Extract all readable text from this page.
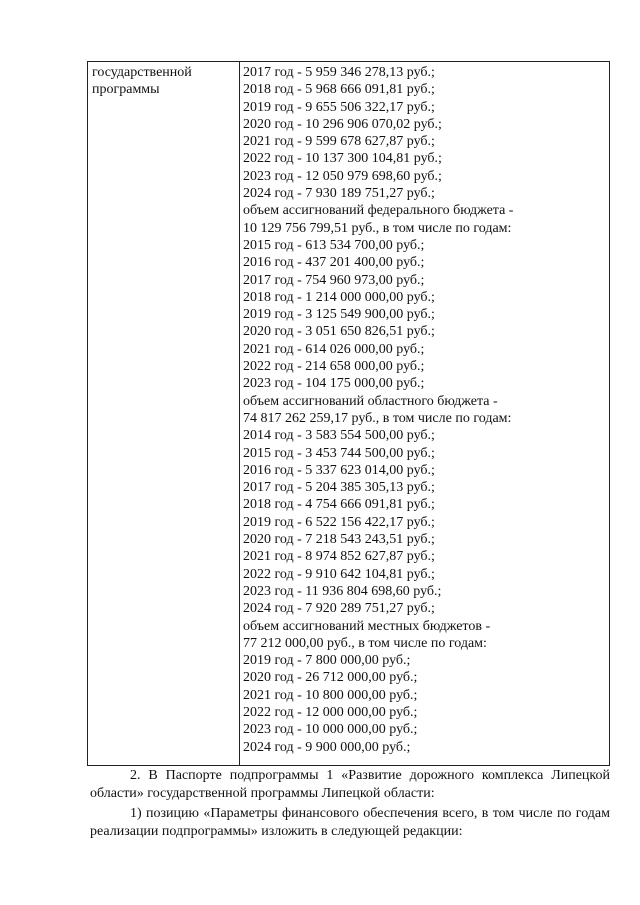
государственной
программы
2017 год - 5 959 346 278,13 руб.;
2018 год - 5 968 666 091,81 руб.;
2019 год - 9 655 506 322,17 руб.;
2020 год - 10 296 906 070,02 руб.;
2021 год - 9 599 678 627,87 руб.;
2022 год - 10 137 300 104,81 руб.;
2023 год - 12 050 979 698,60 руб.;
2024 год - 7 930 189 751,27 руб.;
объем ассигнований федерального бюджета -
10 129 756 799,51 руб., в том числе по годам:
2015 год - 613 534 700,00 руб.;
2016 год - 437 201 400,00 руб.;
2017 год - 754 960 973,00 руб.;
2018 год - 1 214 000 000,00 руб.;
2019 год - 3 125 549 900,00 руб.;
2020 год - 3 051 650 826,51 руб.;
2021 год - 614 026 000,00 руб.;
2022 год - 214 658 000,00 руб.;
2023 год - 104 175 000,00 руб.;
объем ассигнований областного бюджета -
74 817 262 259,17 руб., в том числе по годам:
2014 год - 3 583 554 500,00 руб.;
2015 год - 3 453 744 500,00 руб.;
2016 год - 5 337 623 014,00 руб.;
2017 год - 5 204 385 305,13 руб.;
2018 год - 4 754 666 091,81 руб.;
2019 год - 6 522 156 422,17 руб.;
2020 год - 7 218 543 243,51 руб.;
2021 год - 8 974 852 627,87 руб.;
2022 год - 9 910 642 104,81 руб.;
2023 год - 11 936 804 698,60 руб.;
2024 год - 7 920 289 751,27 руб.;
объем ассигнований местных бюджетов -
77 212 000,00 руб., в том числе по годам:
2019 год - 7 800 000,00 руб.;
2020 год - 26 712 000,00 руб.;
2021 год - 10 800 000,00 руб.;
2022 год - 12 000 000,00 руб.;
2023 год - 10 000 000,00 руб.;
2024 год - 9 900 000,00 руб.;
2. В Паспорте подпрограммы 1 «Развитие дорожного комплекса Липецкой области» государственной программы Липецкой области:
1) позицию «Параметры финансового обеспечения всего, в том числе по годам реализации подпрограммы» изложить в следующей редакции:
